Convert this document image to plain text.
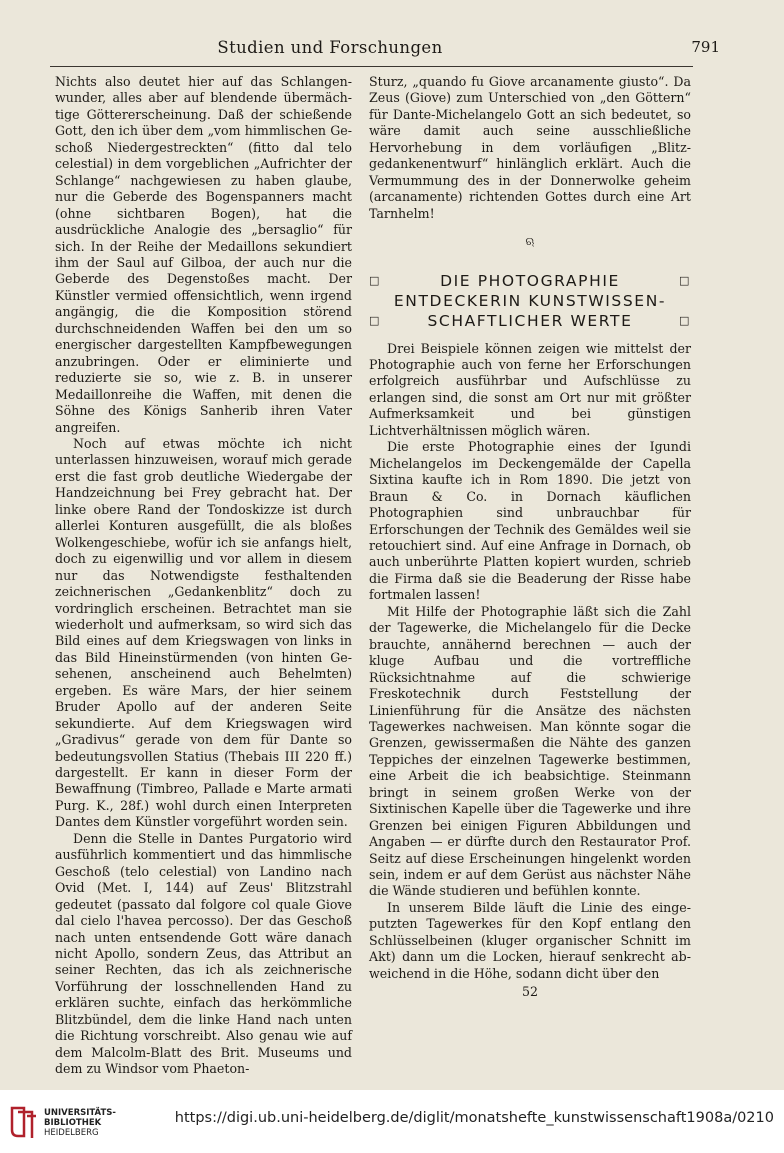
Studien und Forschungen	791

Nichts also deutet hier auf das Schlangenwunder, alles aber auf blendende übermächtige Göttererscheinung. Daß der schießende Gott, den ich über dem „vom himmlischen Geschoß Niedergestreckten“ (fitto dal telo celestial) in dem vorgeblichen „Aufrichter der Schlange“ nachgewiesen zu haben glaube, nur die Geberde des Bogenspanners macht (ohne sichtbaren Bogen), hat die ausdrückliche Analogie des „bersaglio“ für sich. In der Reihe der Medaillons sekundiert ihm der Saul auf Gilboa, der auch nur die Geberde des Degenstoßes macht. Der Künstler vermied offensichtlich, wenn irgend angängig, die die Komposition störend durchschneidenden Waffen bei den um so energischer dargestellten Kampfbewegungen anzubringen. Oder er eliminierte und reduzierte sie so, wie z. B. in unserer Medaillonreihe die Waffen, mit denen die Söhne des Königs Sanherib ihren Vater angreifen.

Noch auf etwas möchte ich nicht unterlassen hinzuweisen, worauf mich gerade erst die fast grob deutliche Wiedergabe der Handzeichnung bei Frey gebracht hat. Der linke obere Rand der Tondoskizze ist durch allerlei Konturen ausgefüllt, die als bloßes Wolkengeschiebe, wofür ich sie anfangs hielt, doch zu eigenwillig und vor allem in diesem nur das Notwendigste festhaltenden zeichnerischen „Gedankenblitz“ doch zu vordringlich erscheinen. Betrachtet man sie wiederholt und aufmerksam, so wird sich das Bild eines auf dem Kriegswagen von links in das Bild Hineinstürmenden (von hinten Gesehenen, anscheinend auch Behelmten) ergeben. Es wäre Mars, der hier seinem Bruder Apollo auf der anderen Seite sekundierte. Auf dem Kriegswagen wird „Gradivus“ gerade von dem für Dante so bedeutungsvollen Statius (Thebais III 220 ff.) dargestellt. Er kann in dieser Form der Bewaffnung (Timbreo, Pallade e Marte armati Purg. K., 28f.) wohl durch einen Interpreten Dantes dem Künstler vorgeführt worden sein.

Denn die Stelle in Dantes Purgatorio wird ausführlich kommentiert und das himmlische Geschoß (telo celestial) von Landino nach Ovid (Met. I, 144) auf Zeus' Blitzstrahl gedeutet (passato dal folgore col quale Giove dal cielo l'havea percosso). Der das Geschoß nach unten entsendende Gott wäre danach nicht Apollo, sondern Zeus, das Attribut an seiner Rechten, das ich als zeichnerische Vorführung der losschnellenden Hand zu erklären suchte, einfach das herkömmliche Blitzbündel, dem die linke Hand nach unten die Richtung vorschreibt. Also genau wie auf dem Malcolm-Blatt des Brit. Museums und dem zu Windsor vom Phaeton-

Sturz, „quando fu Giove arcanamente giusto“. Da Zeus (Giove) zum Unterschied von „den Göttern“ für Dante-Michelangelo Gott an sich bedeutet, so wäre damit auch seine ausschließliche Hervorhebung in dem vorläufigen „Blitzgedankenentwurf“ hinlänglich erklärt. Auch die Vermummung des in der Donnerwolke geheim (arcanamente) richtenden Gottes durch eine Art Tarnhelm!

ଋ
□	DIE PHOTOGRAPHIE	□
ENTDECKERIN KUNSTWISSEN-
□	SCHAFTLICHER WERTE	□

Drei Beispiele können zeigen wie mittelst der Photographie auch von ferne her Erforschungen erfolgreich ausführbar und Aufschlüsse zu erlangen sind, die sonst am Ort nur mit größter Aufmerksamkeit und bei günstigen Lichtverhältnissen möglich wären.

Die erste Photographie eines der Igundi Michelangelos im Deckengemälde der Capella Sixtina kaufte ich in Rom 1890. Die jetzt von Braun & Co. in Dornach käuflichen Photographien sind unbrauchbar für Erforschungen der Technik des Gemäldes weil sie retouchiert sind. Auf eine Anfrage in Dornach, ob auch unberührte Platten kopiert wurden, schrieb die Firma daß sie die Beaderung der Risse habe fortmalen lassen!

Mit Hilfe der Photographie läßt sich die Zahl der Tagewerke, die Michelangelo für die Decke brauchte, annähernd berechnen — auch der kluge Aufbau und die vortreffliche Rücksichtnahme auf die schwierige Freskotechnik durch Feststellung der Linienführung für die Ansätze des nächsten Tagewerkes nachweisen. Man könnte sogar die Grenzen, gewissermaßen die Nähte des ganzen Teppiches der einzelnen Tagewerke bestimmen, eine Arbeit die ich beabsichtige. Steinmann bringt in seinem großen Werke von der Sixtinischen Kapelle über die Tagewerke und ihre Grenzen bei einigen Figuren Abbildungen und Angaben — er dürfte durch den Restaurator Prof. Seitz auf diese Erscheinungen hingelenkt worden sein, indem er auf dem Gerüst aus nächster Nähe die Wände studieren und befühlen konnte.

In unserem Bilde läuft die Linie des eingeputzten Tagewerkes für den Kopf entlang den Schlüsselbeinen (kluger organischer Schnitt im Akt) dann um die Locken, hierauf senkrecht abweichend in die Höhe, sodann dicht über den

52
UNIVERSITÄTS-
BIBLIOTHEK
HEIDELBERG
https://digi.ub.uni-heidelberg.de/diglit/monatshefte_kunstwissenschaft1908a/0210
